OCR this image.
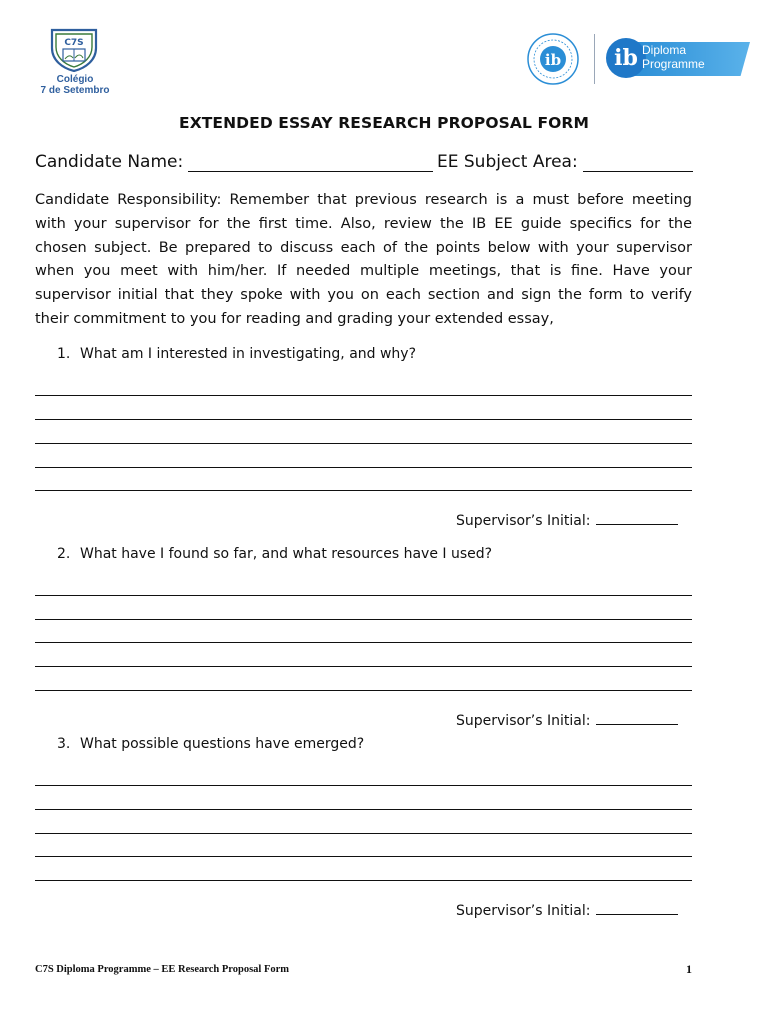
C7S
Colégio
7 de Setembro
ib	ib Diploma
Programme
EXTENDED ESSAY RESEARCH PROPOSAL FORM
Candidate Name:	EE Subject Area:
Candidate Responsibility: Remember that previous research is a must before meeting with your supervisor for the first time. Also, review the IB EE guide specifics for the chosen subject. Be prepared to discuss each of the points below with your supervisor when you meet with him/her. If needed multiple meetings, that is fine. Have your supervisor initial that they spoke with you on each section and sign the form to verify their commitment to you for reading and grading your extended essay,
1. What am I interested in investigating, and why?
Supervisor’s Initial:
2. What have I found so far, and what resources have I used?
Supervisor’s Initial:
3. What possible questions have emerged?
Supervisor’s Initial:
C7S Diploma Programme – EE Research Proposal Form	1
